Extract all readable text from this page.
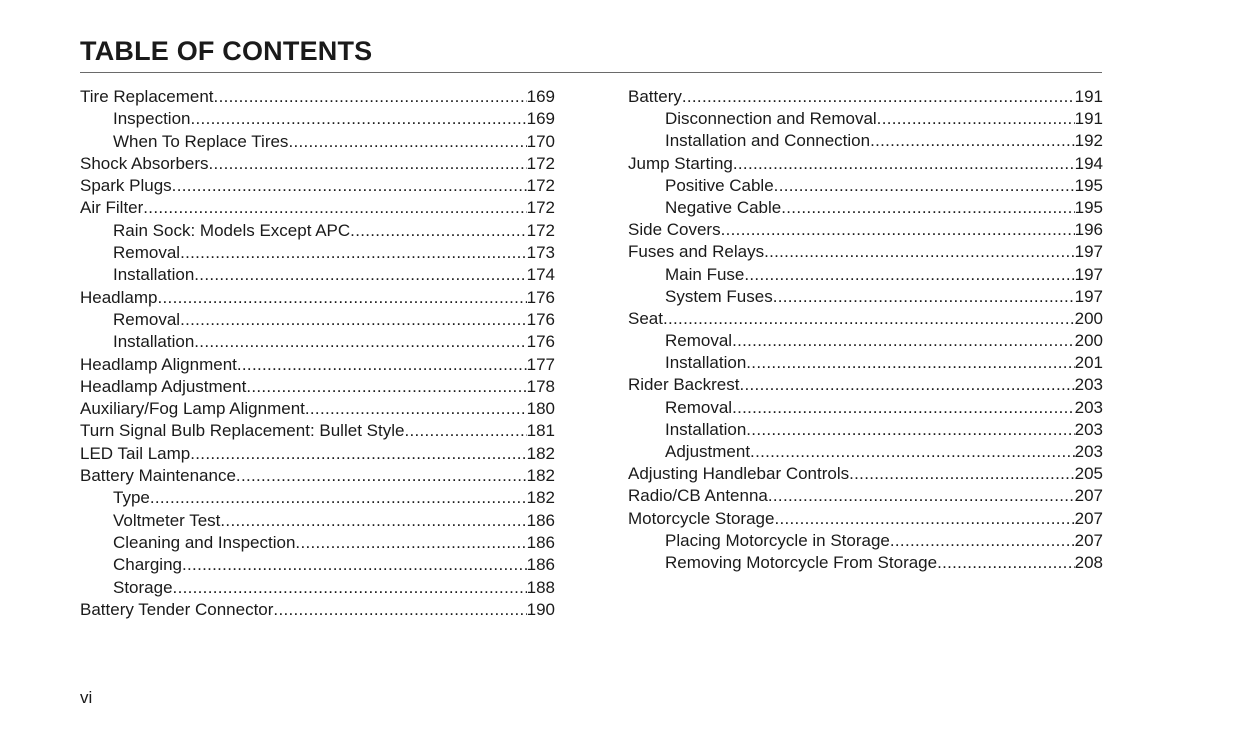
TABLE OF CONTENTS
Tire Replacement .....	169
Inspection .....	169
When To Replace Tires .....	170
Shock Absorbers .....	172
Spark Plugs .....	172
Air Filter .....	172
Rain Sock: Models Except APC .....	172
Removal .....	173
Installation .....	174
Headlamp .....	176
Removal .....	176
Installation .....	176
Headlamp Alignment .....	177
Headlamp Adjustment .....	178
Auxiliary/Fog Lamp Alignment .....	180
Turn Signal Bulb Replacement: Bullet Style .....	181
LED Tail Lamp .....	182
Battery Maintenance .....	182
Type .....	182
Voltmeter Test .....	186
Cleaning and Inspection .....	186
Charging .....	186
Storage .....	188
Battery Tender Connector .....	190
Battery .....	191
Disconnection and Removal .....	191
Installation and Connection .....	192
Jump Starting .....	194
Positive Cable .....	195
Negative Cable .....	195
Side Covers .....	196
Fuses and Relays .....	197
Main Fuse .....	197
System Fuses .....	197
Seat .....	200
Removal .....	200
Installation .....	201
Rider Backrest .....	203
Removal .....	203
Installation .....	203
Adjustment .....	203
Adjusting Handlebar Controls .....	205
Radio/CB Antenna .....	207
Motorcycle Storage .....	207
Placing Motorcycle in Storage .....	207
Removing Motorcycle From Storage .....	208
vi
